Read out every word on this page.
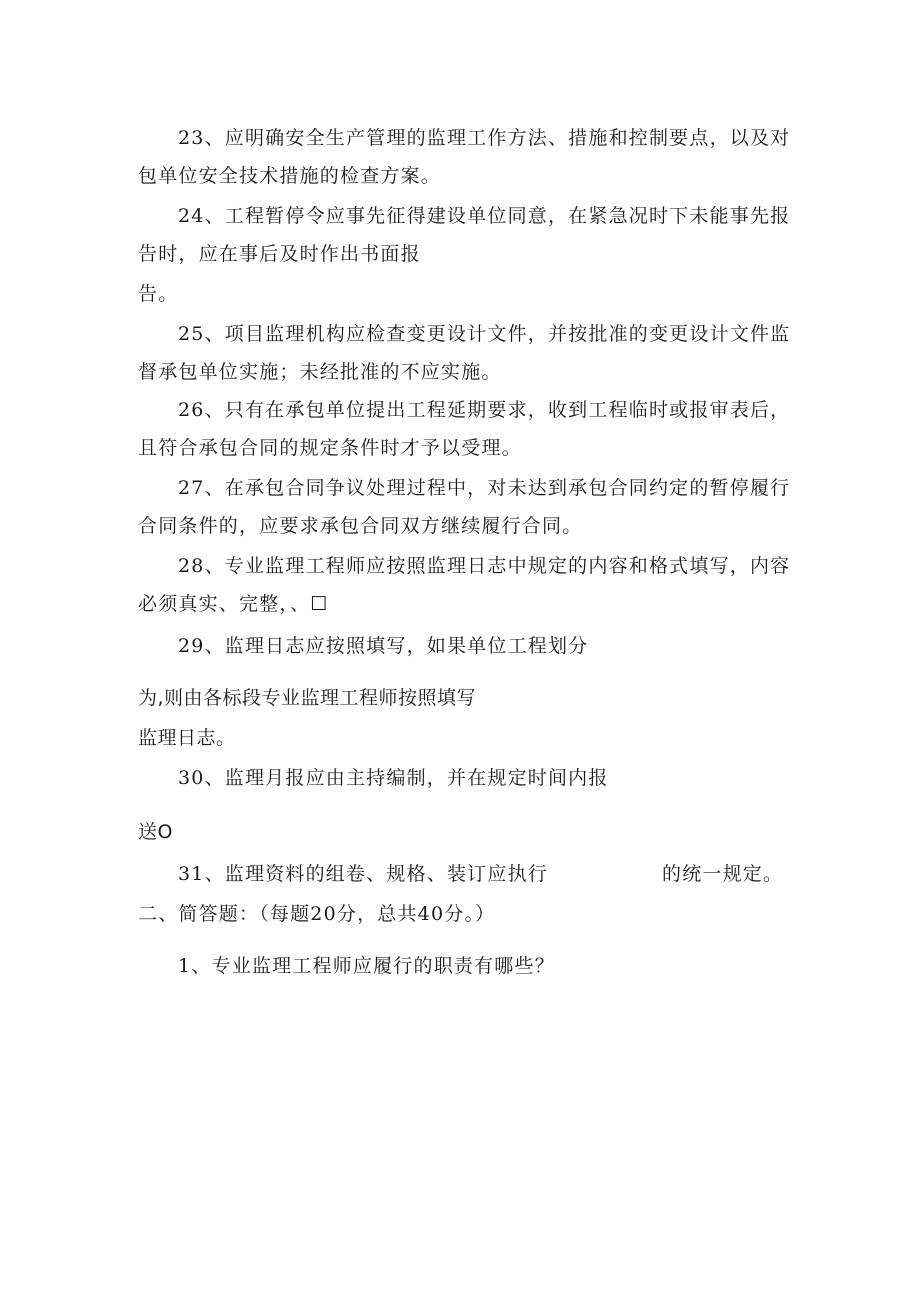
23、应明确安全生产管理的监理工作方法、措施和控制要点，以及对
包单位安全技术措施的检查方案。
24、工程暂停令应事先征得建设单位同意，在紧急况时下未能事先报
告时，应在事后及时作出书面报
告。
25、项目监理机构应检查变更设计文件，并按批准的变更设计文件监
督承包单位实施；未经批准的不应实施。
26、只有在承包单位提出工程延期要求，收到工程临时或报审表后，
且符合承包合同的规定条件时才予以受理。
27、在承包合同争议处理过程中，对未达到承包合同约定的暂停履行
合同条件的，应要求承包合同双方继续履行合同。
28、专业监理工程师应按照监理日志中规定的内容和格式填写，内容
必须真实、完整，、☐
29、监理日志应按照填写，如果单位工程划分
为,则由各标段专业监理工程师按照填写
监理日志。
30、监理月报应由主持编制，并在规定时间内报
送O
31、监理资料的组卷、规格、装订应执行	的统一规定。
二、简答题：（每题20分，总共40分。）
1、专业监理工程师应履行的职责有哪些？
